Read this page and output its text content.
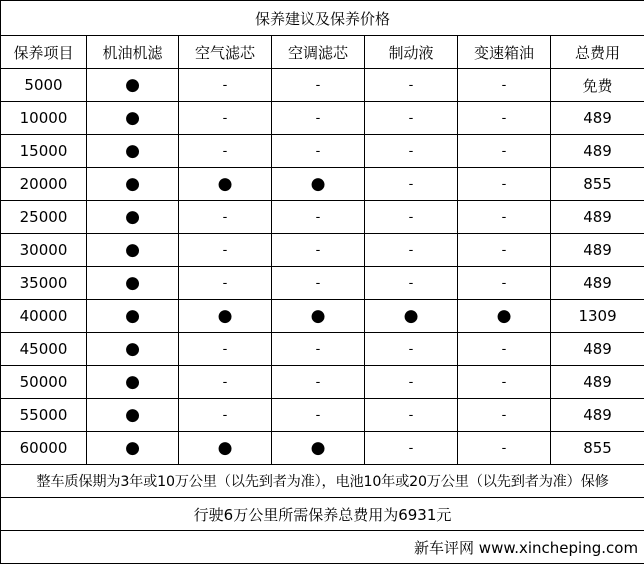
保养建议及保养价格						
保养项目	机油机滤	空气滤芯	空调滤芯	制动液	变速箱油	总费用
5000	●	-	-	-	-	免费
10000	●	-	-	-	-	489
15000	●	-	-	-	-	489
20000	●	●	●	-	-	855
25000	●	-	-	-	-	489
30000	●	-	-	-	-	489
35000	●	-	-	-	-	489
40000	●	●	●	●	●	1309
45000	●	-	-	-	-	489
50000	●	-	-	-	-	489
55000	●	-	-	-	-	489
60000	●	●	●	-	-	855
整车质保期为3年或10万公里（以先到者为准），电池10年或20万公里（以先到者为准）保修						
行驶6万公里所需保养总费用为6931元						
新车评网 www.xincheping.com						
